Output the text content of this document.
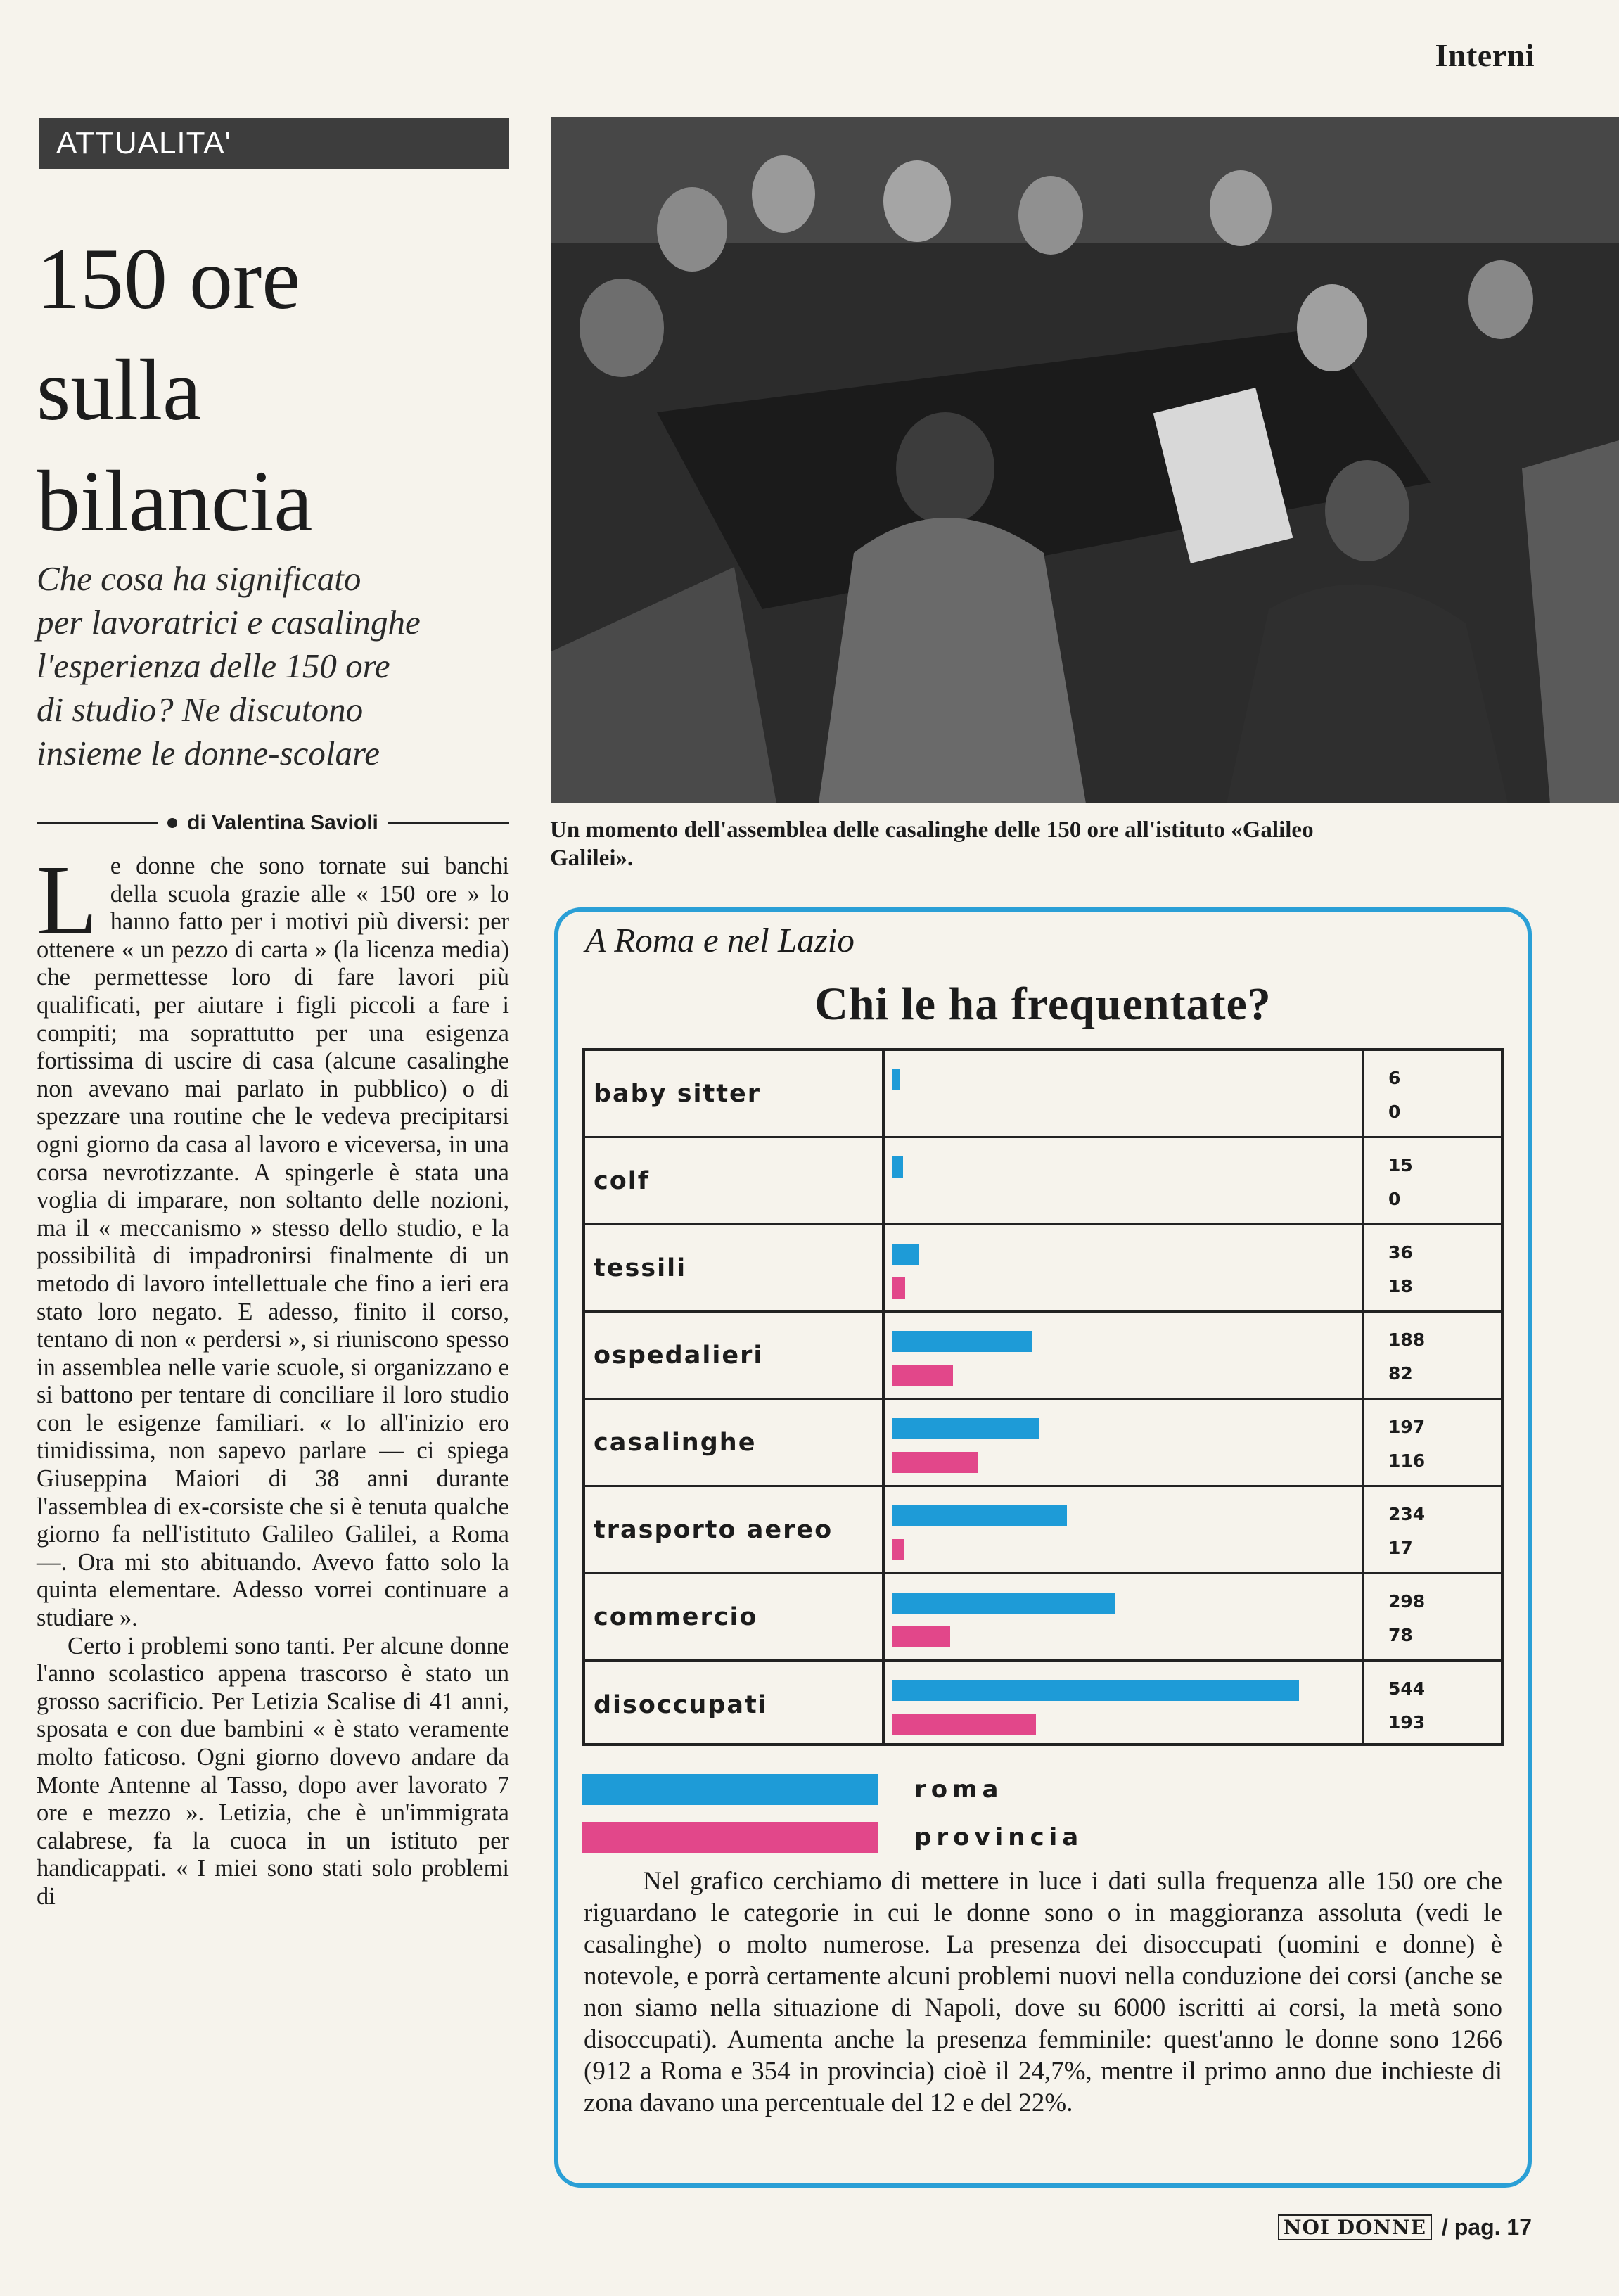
Interni
ATTUALITA'
150 ore
sulla
bilancia
Che cosa ha significato
per lavoratrici e casalinghe
l'esperienza delle 150 ore
di studio? Ne discutono
insieme le donne-scolare
di Valentina Savioli

Le donne che sono tornate sui banchi della scuola grazie alle « 150 ore » lo hanno fatto per i motivi più diversi: per ottenere « un pezzo di carta » (la licenza media) che permettesse loro di fare lavori più qualificati, per aiutare i figli piccoli a fare i compiti; ma soprattutto per una esigenza fortissima di uscire di casa (alcune casalinghe non avevano mai parlato in pubblico) o di spezzare una routine che le vedeva precipitarsi ogni giorno da casa al lavoro e viceversa, in una corsa nevrotizzante. A spingerle è stata una voglia di imparare, non soltanto delle nozioni, ma il « meccanismo » stesso dello studio, e la possibilità di impadronirsi finalmente di un metodo di lavoro intellettuale che fino a ieri era stato loro negato. E adesso, finito il corso, tentano di non « perdersi », si riuniscono spesso in assemblea nelle varie scuole, si organizzano e si battono per tentare di conciliare il loro studio con le esigenze familiari. « Io all'inizio ero timidissima, non sapevo parlare — ci spiega Giuseppina Maiori di 38 anni durante l'assemblea di ex-corsiste che si è tenuta qualche giorno fa nell'istituto Galileo Galilei, a Roma —. Ora mi sto abituando. Avevo fatto solo la quinta elementare. Adesso vorrei continuare a studiare ».

Certo i problemi sono tanti. Per alcune donne l'anno scolastico appena trascorso è stato un grosso sacrificio. Per Letizia Scalise di 41 anni, sposata e con due bambini « è stato veramente molto faticoso. Ogni giorno dovevo andare da Monte Antenne al Tasso, dopo aver lavorato 7 ore e mezzo ». Letizia, che è un'immigrata calabrese, fa la cuoca in un istituto per handicappati. « I miei sono stati solo problemi di

Un momento dell'assemblea delle casalinghe delle 150 ore all'istituto «Galileo Galilei».
A Roma e nel Lazio
Chi le ha frequentate?
baby sitter
6
0
colf
15
0
tessili
36
18
ospedalieri
188
82
casalinghe
197
116
trasporto aereo
234
17
commercio
298
78
disoccupati
544
193
roma
provincia

Nel grafico cerchiamo di mettere in luce i dati sulla frequenza alle 150 ore che riguardano le categorie in cui le donne sono o in maggioranza assoluta (vedi le casalinghe) o molto numerose. La presenza dei disoccupati (uomini e donne) è notevole, e porrà certamente alcuni problemi nuovi nella conduzione dei corsi (anche se non siamo nella situazione di Napoli, dove su 6000 iscritti ai corsi, la metà sono disoccupati). Aumenta anche la presenza femminile: quest'anno le donne sono 1266 (912 a Roma e 354 in provincia) cioè il 24,7%, mentre il primo anno due inchieste di zona davano una percentuale del 12 e del 22%.

NOI DONNE / pag. 17
